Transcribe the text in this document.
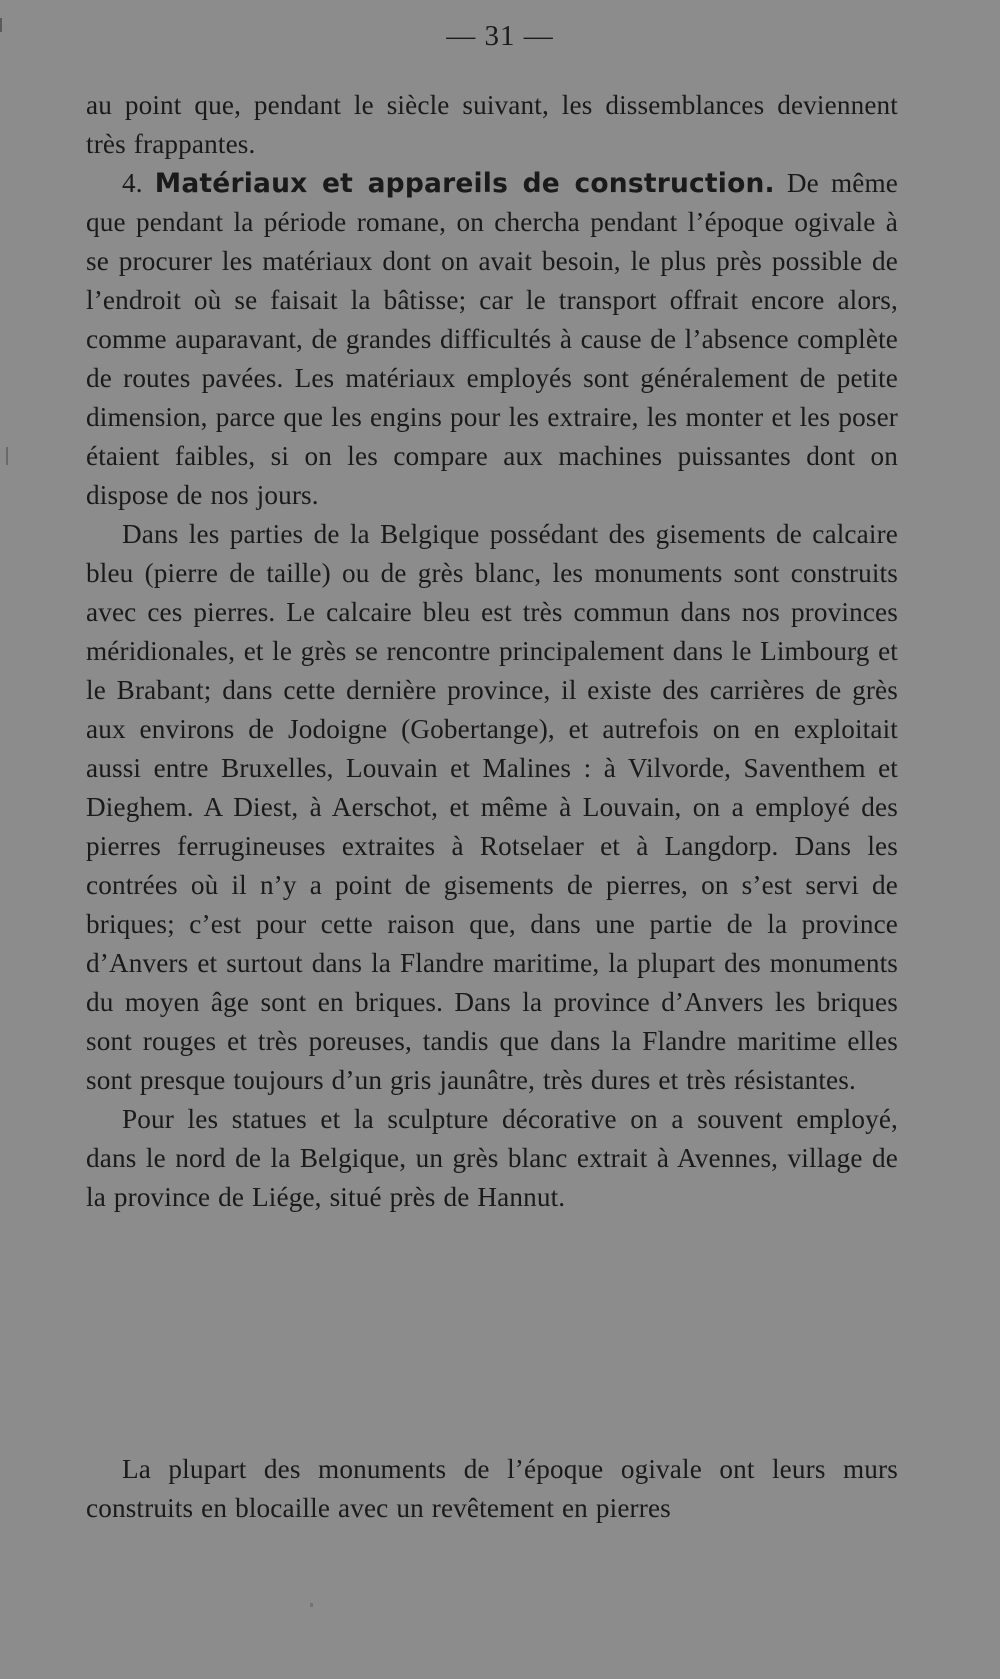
— 31 —

au point que, pendant le siècle suivant, les dissemblances deviennent très frappantes.

4. Matériaux et appareils de construction. De même que pendant la période romane, on chercha pendant l’époque ogivale à se procurer les matériaux dont on avait besoin, le plus près possible de l’endroit où se faisait la bâtisse; car le transport offrait encore alors, comme auparavant, de grandes difficultés à cause de l’absence complète de routes pavées. Les matériaux employés sont généralement de petite dimension, parce que les engins pour les extraire, les monter et les poser étaient faibles, si on les compare aux machines puissantes dont on dispose de nos jours.

Dans les parties de la Belgique possédant des gisements de calcaire bleu (pierre de taille) ou de grès blanc, les monuments sont construits avec ces pierres. Le calcaire bleu est très commun dans nos provinces méridionales, et le grès se rencontre principalement dans le Limbourg et le Brabant; dans cette dernière province, il existe des carrières de grès aux environs de Jodoigne (Gobertange), et autrefois on en exploitait aussi entre Bruxelles, Louvain et Malines : à Vilvorde, Saventhem et Dieghem. A Diest, à Aerschot, et même à Louvain, on a employé des pierres ferrugineuses extraites à Rotselaer et à Langdorp. Dans les contrées où il n’y a point de gisements de pierres, on s’est servi de briques; c’est pour cette raison que, dans une partie de la province d’Anvers et surtout dans la Flandre maritime, la plupart des monuments du moyen âge sont en briques. Dans la province d’Anvers les briques sont rouges et très poreuses, tandis que dans la Flandre maritime elles sont presque toujours d’un gris jaunâtre, très dures et très résistantes.

Pour les statues et la sculpture décorative on a souvent employé, dans le nord de la Belgique, un grès blanc extrait à Avennes, village de la province de Liége, situé près de Hannut.

La plupart des monuments de l’époque ogivale ont leurs murs construits en blocaille avec un revêtement en pierres
